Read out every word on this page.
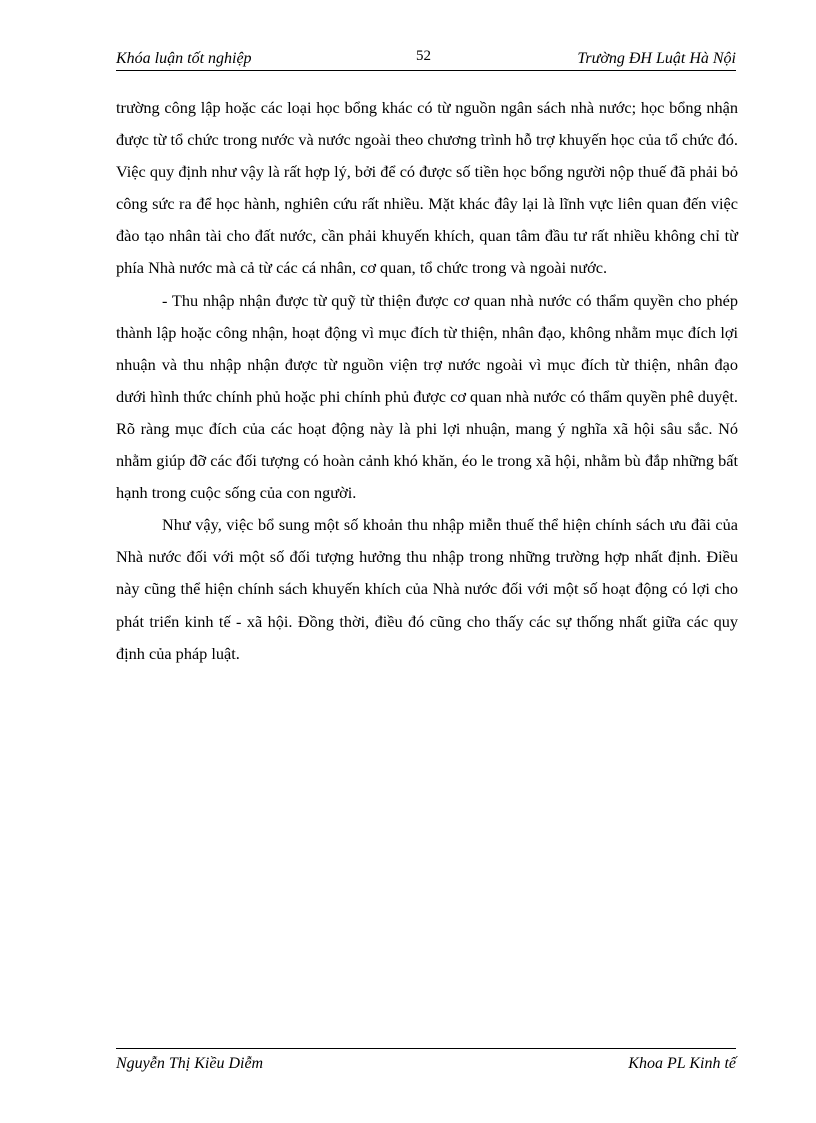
Khóa luận tốt nghiệp	52	Trường ĐH Luật Hà Nội

trường công lập hoặc các loại học bổng khác có từ nguồn ngân sách nhà nước; học bổng nhận được từ tổ chức trong nước và nước ngoài theo chương trình hỗ trợ khuyến học của tổ chức đó. Việc quy định như vậy là rất hợp lý, bởi để có được số tiền học bổng người nộp thuế đã phải bỏ công sức ra để học hành, nghiên cứu rất nhiều. Mặt khác đây lại là lĩnh vực liên quan đến việc đào tạo nhân tài cho đất nước, cần phải khuyến khích, quan tâm đầu tư rất nhiều không chỉ từ phía Nhà nước mà cả từ các cá nhân, cơ quan, tổ chức trong và ngoài nước.

- Thu nhập nhận được từ quỹ từ thiện được cơ quan nhà nước có thẩm quyền cho phép thành lập hoặc công nhận, hoạt động vì mục đích từ thiện, nhân đạo, không nhằm mục đích lợi nhuận và thu nhập nhận được từ nguồn viện trợ nước ngoài vì mục đích từ thiện, nhân đạo dưới hình thức chính phủ hoặc phi chính phủ được cơ quan nhà nước có thẩm quyền phê duyệt. Rõ ràng mục đích của các hoạt động này là phi lợi nhuận, mang ý nghĩa xã hội sâu sắc. Nó nhằm giúp đỡ các đối tượng có hoàn cảnh khó khăn, éo le trong xã hội, nhằm bù đắp những bất hạnh trong cuộc sống của con người.

Như vậy, việc bổ sung một số khoản thu nhập miễn thuế thể hiện chính sách ưu đãi của Nhà nước đối với một số đối tượng hưởng thu nhập trong những trường hợp nhất định. Điều này cũng thể hiện chính sách khuyến khích của Nhà nước đối với một số hoạt động có lợi cho phát triển kinh tế - xã hội. Đồng thời, điều đó cũng cho thấy các sự thống nhất giữa các quy định của pháp luật.

Nguyễn Thị Kiều Diễm	Khoa PL Kinh tế
